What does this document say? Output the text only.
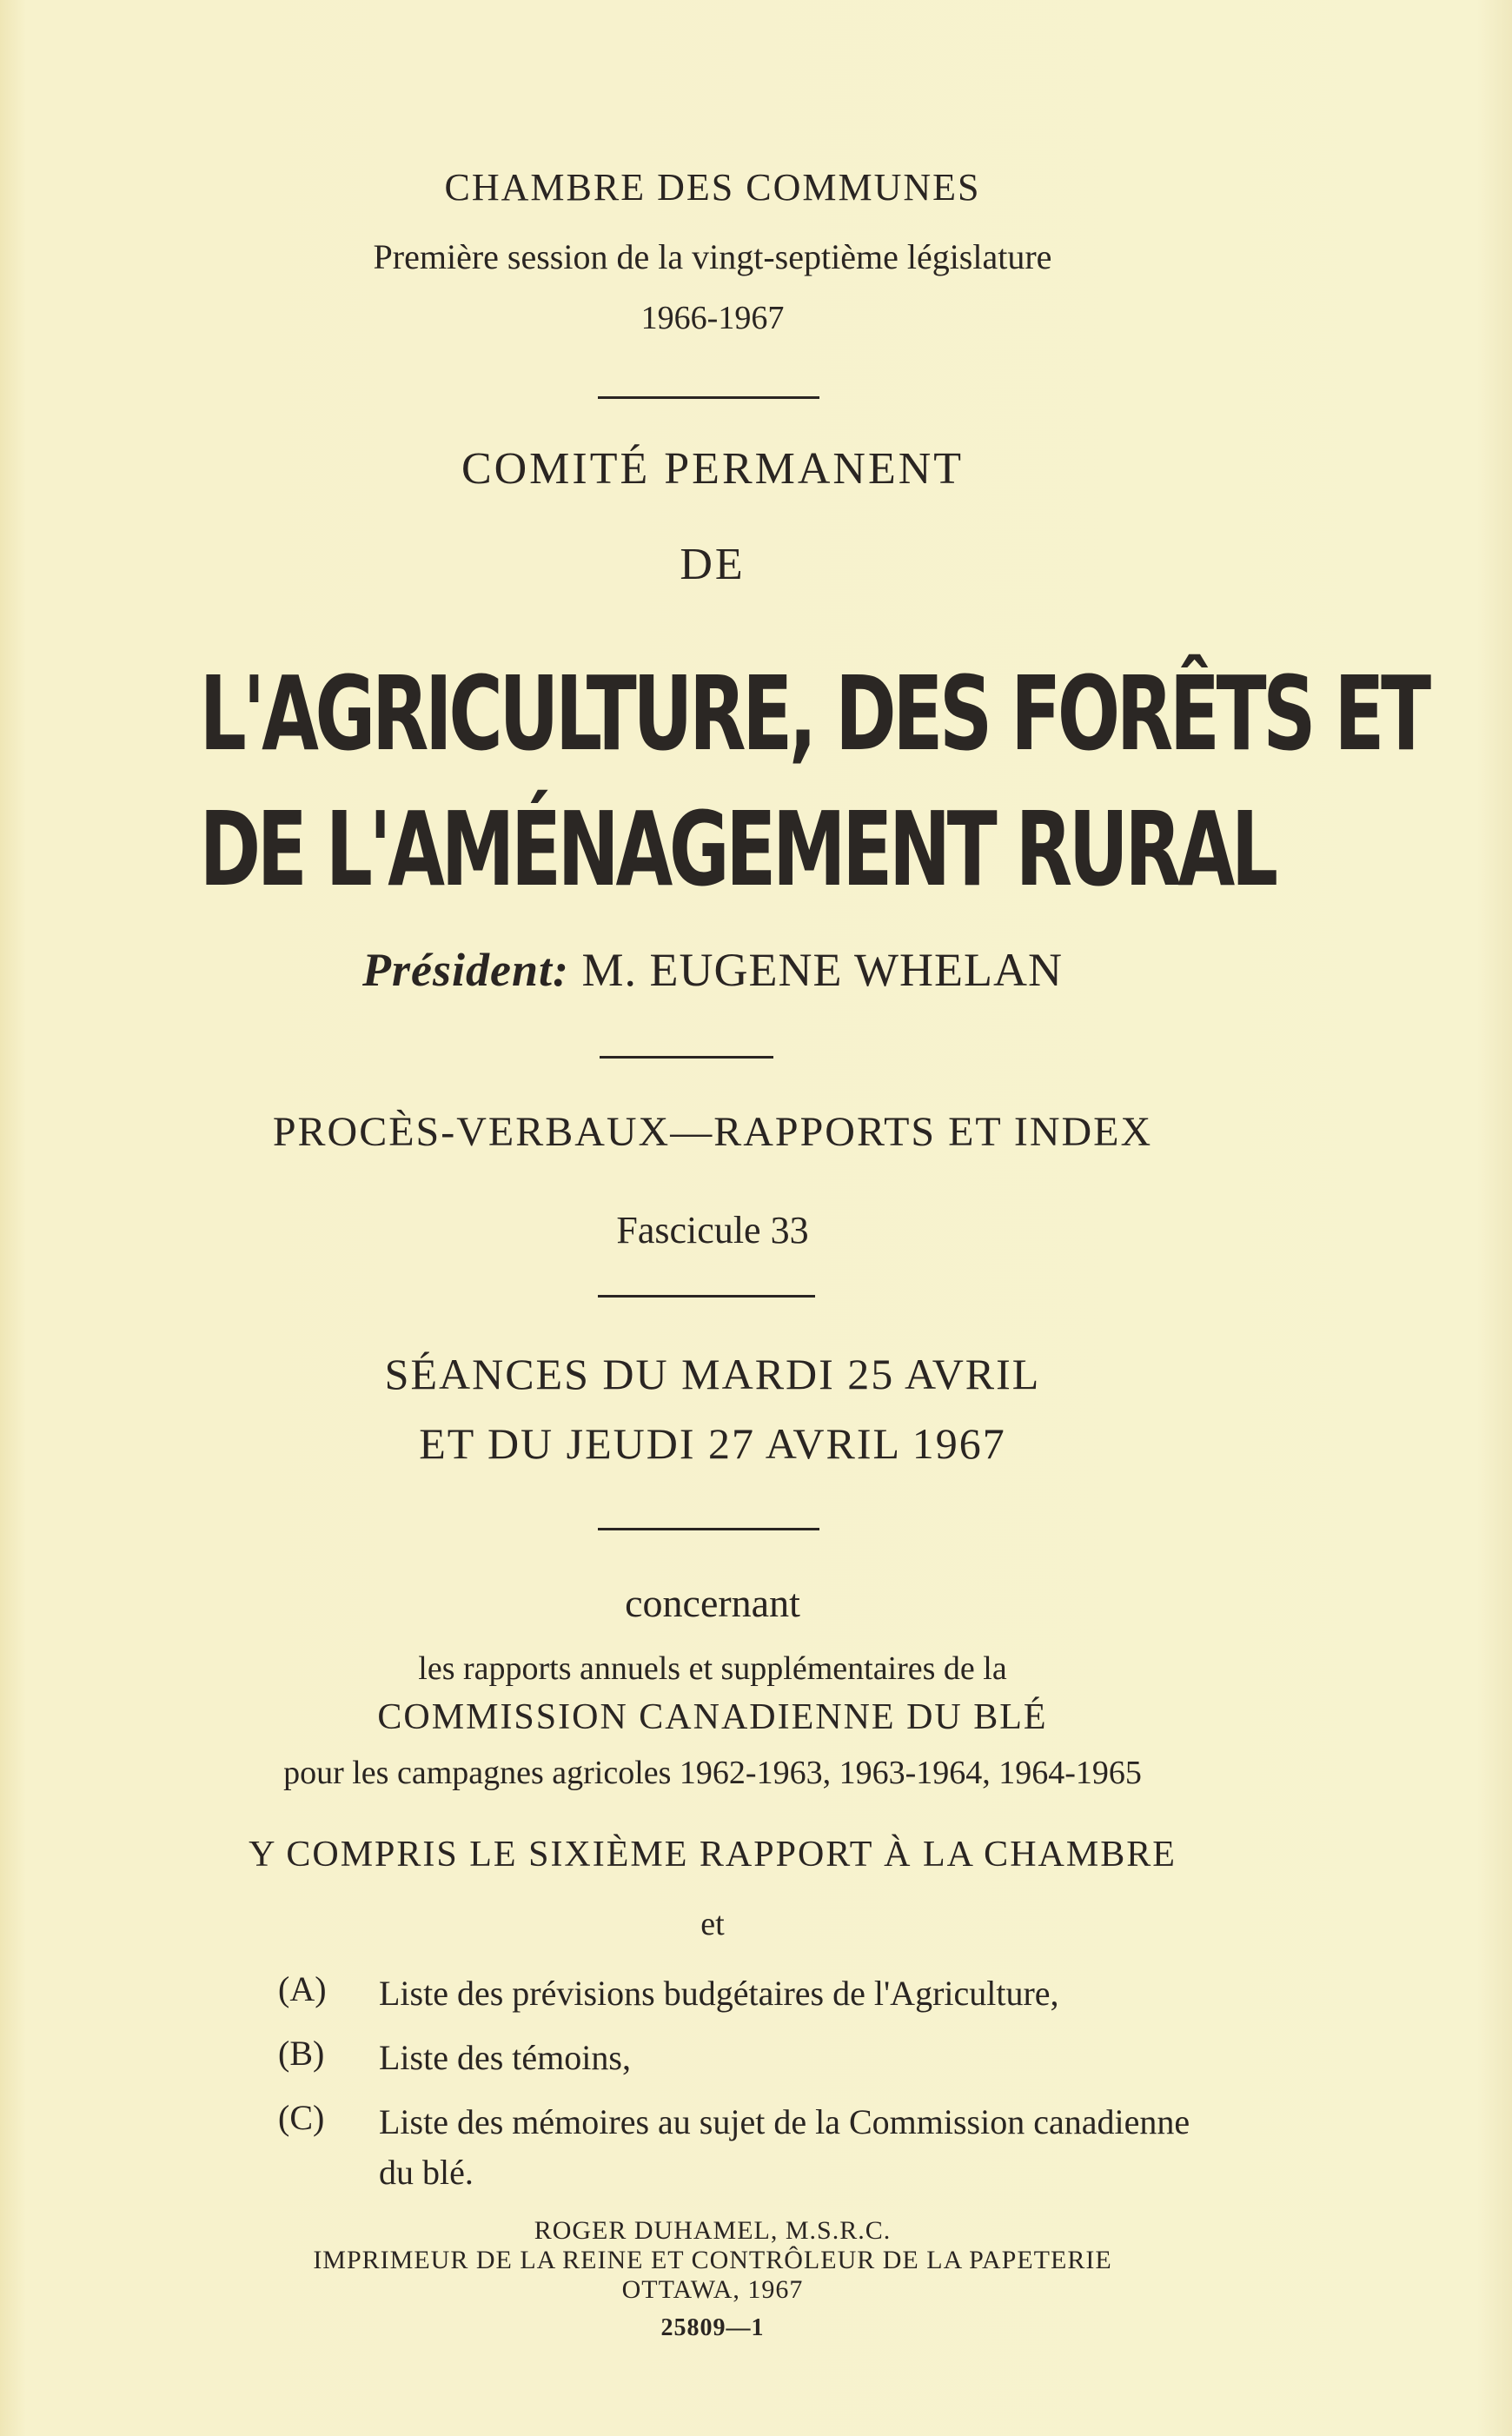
CHAMBRE DES COMMUNES
Première session de la vingt-septième législature
1966-1967
COMITÉ PERMANENT
DE
L'AGRICULTURE, DES FORÊTS ET
DE L'AMÉNAGEMENT RURAL
Président: M. EUGENE WHELAN
PROCÈS-VERBAUX—RAPPORTS ET INDEX
Fascicule 33
SÉANCES DU MARDI 25 AVRIL
ET DU JEUDI 27 AVRIL 1967
concernant
les rapports annuels et supplémentaires de la
COMMISSION CANADIENNE DU BLÉ
pour les campagnes agricoles 1962-1963, 1963-1964, 1964-1965
Y COMPRIS LE SIXIÈME RAPPORT À LA CHAMBRE
et
(A)	Liste des prévisions budgétaires de l'Agriculture,
(B)	Liste des témoins,
(C)	Liste des mémoires au sujet de la Commission canadienne du blé.
ROGER DUHAMEL, M.S.R.C.
IMPRIMEUR DE LA REINE ET CONTRÔLEUR DE LA PAPETERIE
OTTAWA, 1967
25809—1
